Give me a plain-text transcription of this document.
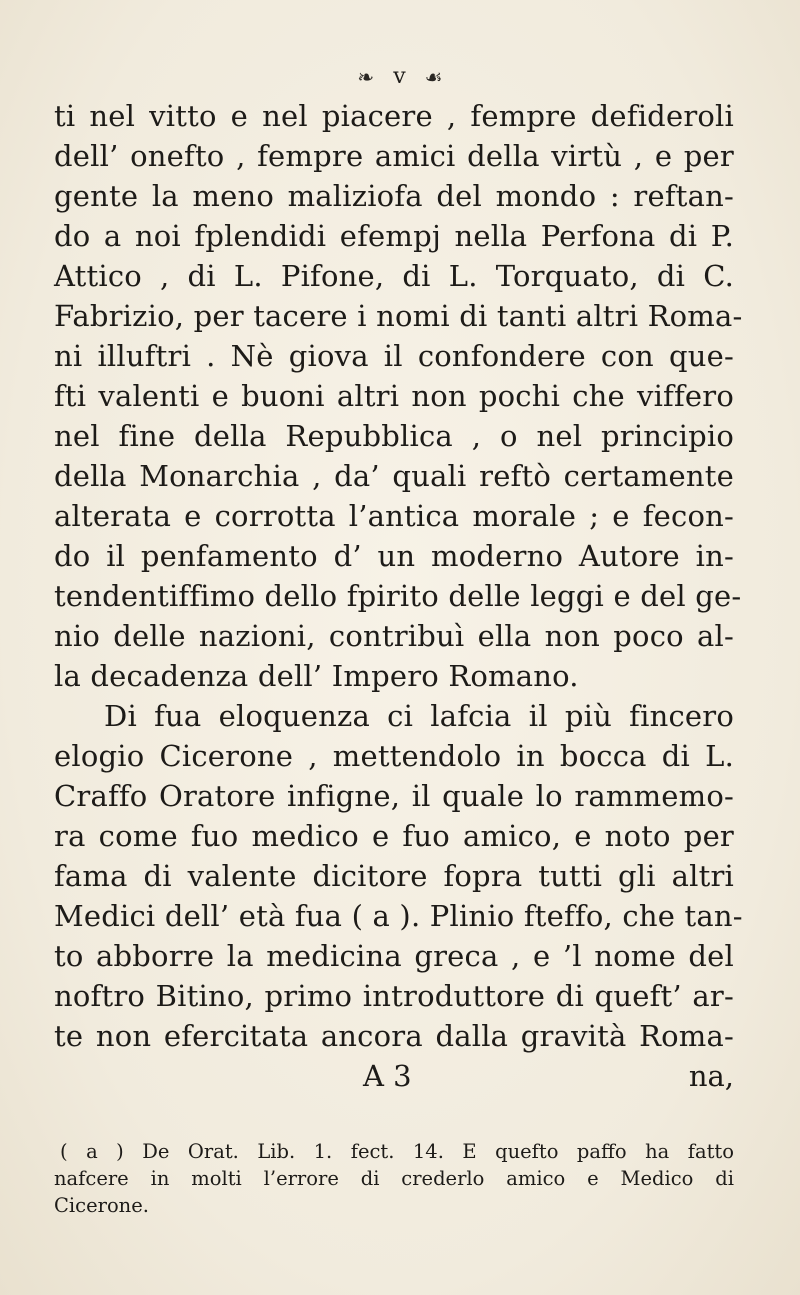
❧ v ☙
ti nel vitto e nel piacere , fempre defideroli
dell’ onefto , fempre amici della virtù , e per
gente la meno maliziofa del mondo : reftan-
do a noi fplendidi efempj nella Perfona di P.
Attico , di L. Pifone, di L. Torquato, di C.
Fabrizio, per tacere i nomi di tanti altri Roma-
ni illuftri . Nè giova il confondere con que-
fti valenti e buoni altri non pochi che viffero
nel fine della Repubblica , o nel principio
della Monarchia , da’ quali reftò certamente
alterata e corrotta l’antica morale ; e fecon-
do il penfamento d’ un moderno Autore in-
tendentiffimo dello fpirito delle leggi e del ge-
nio delle nazioni, contribuì ella non poco al-
la decadenza dell’ Impero Romano.
Di fua eloquenza ci lafcia il più fincero
elogio Cicerone , mettendolo in bocca di L.
Craffo Oratore infigne, il quale lo rammemo-
ra come fuo medico e fuo amico, e noto per
fama di valente dicitore fopra tutti gli altri
Medici dell’ età fua ( a ). Plinio fteffo, che tan-
to abborre la medicina greca , e ’l nome del
noftro Bitino, primo introduttore di queft’ ar-
te non efercitata ancora dalla gravità Roma-
A 3	na,
( a ) De Orat. Lib. 1. fect. 14. E quefto paffo ha fatto
nafcere in molti l’errore di crederlo amico e Medico di
Cicerone.
